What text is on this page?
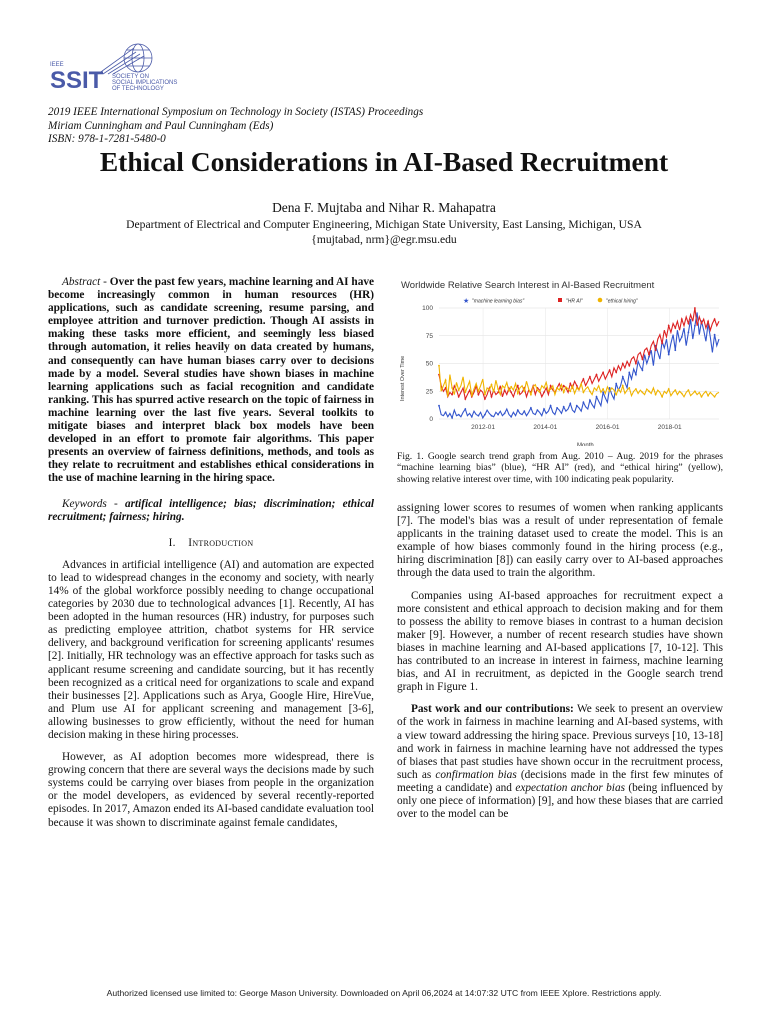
IEEE
SSIT SOCIETY ON
SOCIAL IMPLICATIONS
OF TECHNOLOGY
2019 IEEE International Symposium on Technology in Society (ISTAS) Proceedings
Miriam Cunningham and Paul Cunningham (Eds)
ISBN: 978-1-7281-5480-0
Ethical Considerations in AI-Based Recruitment
Dena F. Mujtaba and Nihar R. Mahapatra
Department of Electrical and Computer Engineering, Michigan State University, East Lansing, Michigan, USA
{mujtabad, nrm}@egr.msu.edu

Abstract - Over the past few years, machine learning and AI have become increasingly common in human resources (HR) applications, such as candidate screening, resume parsing, and employee attrition and turnover prediction. Though AI assists in making these tasks more efficient, and seemingly less biased through automation, it relies heavily on data created by humans, and consequently can have human biases carry over to decisions made by a model. Several studies have shown biases in machine learning applications such as facial recognition and candidate ranking. This has spurred active research on the topic of fairness in machine learning over the last five years. Several toolkits to mitigate biases and interpret black box models have been developed in an effort to promote fair algorithms. This paper presents an overview of fairness definitions, methods, and tools as they relate to recruitment and establishes ethical considerations in the use of machine learning in the hiring space.

Keywords - artifical intelligence; bias; discrimination; ethical recruitment; fairness; hiring.

I. Introduction

Advances in artificial intelligence (AI) and automation are expected to lead to widespread changes in the economy and society, with nearly 14% of the global workforce possibly needing to change occupational categories by 2030 due to technological advances [1]. Recently, AI has been adopted in the human resources (HR) industry, for purposes such as predicting employee attrition, chatbot systems for HR service delivery, and background verification for screening applicants' resumes [2]. Initially, HR technology was an effective approach for tasks such as applicant resume screening and candidate sourcing, but it has recently been recognized as a critical need for organizations to scale and expand their businesses [2]. Applications such as Arya, Google Hire, HireVue, and Plum use AI for applicant screening and management [3-6], allowing businesses to grow efficiently, without the need for human decision making in these hiring processes.

However, as AI adoption becomes more widespread, there is growing concern that there are several ways the decisions made by such systems could be carrying over biases from people in the organization or the model developers, as evidenced by several recently-reported episodes. In 2017, Amazon ended its AI-based candidate evaluation tool because it was shown to discriminate against female candidates,

Worldwide Relative Search Interest in AI-Based Recruitment
★ "machine learning bias"	"HR AI"	"ethical hiring"
0
25
50
75
100
2012-01	2014-01	2016-01	2018-01
Interest Over Time
Month
Fig. 1. Google search trend graph from Aug. 2010 – Aug. 2019 for the phrases “machine learning bias” (blue), “HR AI” (red), and “ethical hiring” (yellow), showing relative interest over time, with 100 indicating peak popularity.

assigning lower scores to resumes of women when ranking applicants [7]. The model's bias was a result of under representation of female applicants in the training dataset used to create the model. This is an example of how biases commonly found in the hiring process (e.g., hiring discrimination [8]) can easily carry over to AI-based approaches through the data used to train the algorithm.

Companies using AI-based approaches for recruitment expect a more consistent and ethical approach to decision making and for them to possess the ability to remove biases in contrast to a human decision maker [9]. However, a number of recent research studies have shown biases in machine learning and AI-based applications [7, 10-12]. This has contributed to an increase in interest in fairness, machine learning bias, and AI in recruitment, as depicted in the Google search trend graph in Figure 1.

Past work and our contributions: We seek to present an overview of the work in fairness in machine learning and AI-based systems, with a view toward addressing the hiring space. Previous surveys [10, 13-18] and work in fairness in machine learning have not addressed the types of biases that past studies have shown occur in the recruitment process, such as confirmation bias (decisions made in the first few minutes of meeting a candidate) and expectation anchor bias (being influenced by only one piece of information) [9], and how these biases that are carried over to the model can be

Authorized licensed use limited to: George Mason University. Downloaded on April 06,2024 at 14:07:32 UTC from IEEE Xplore. Restrictions apply.
